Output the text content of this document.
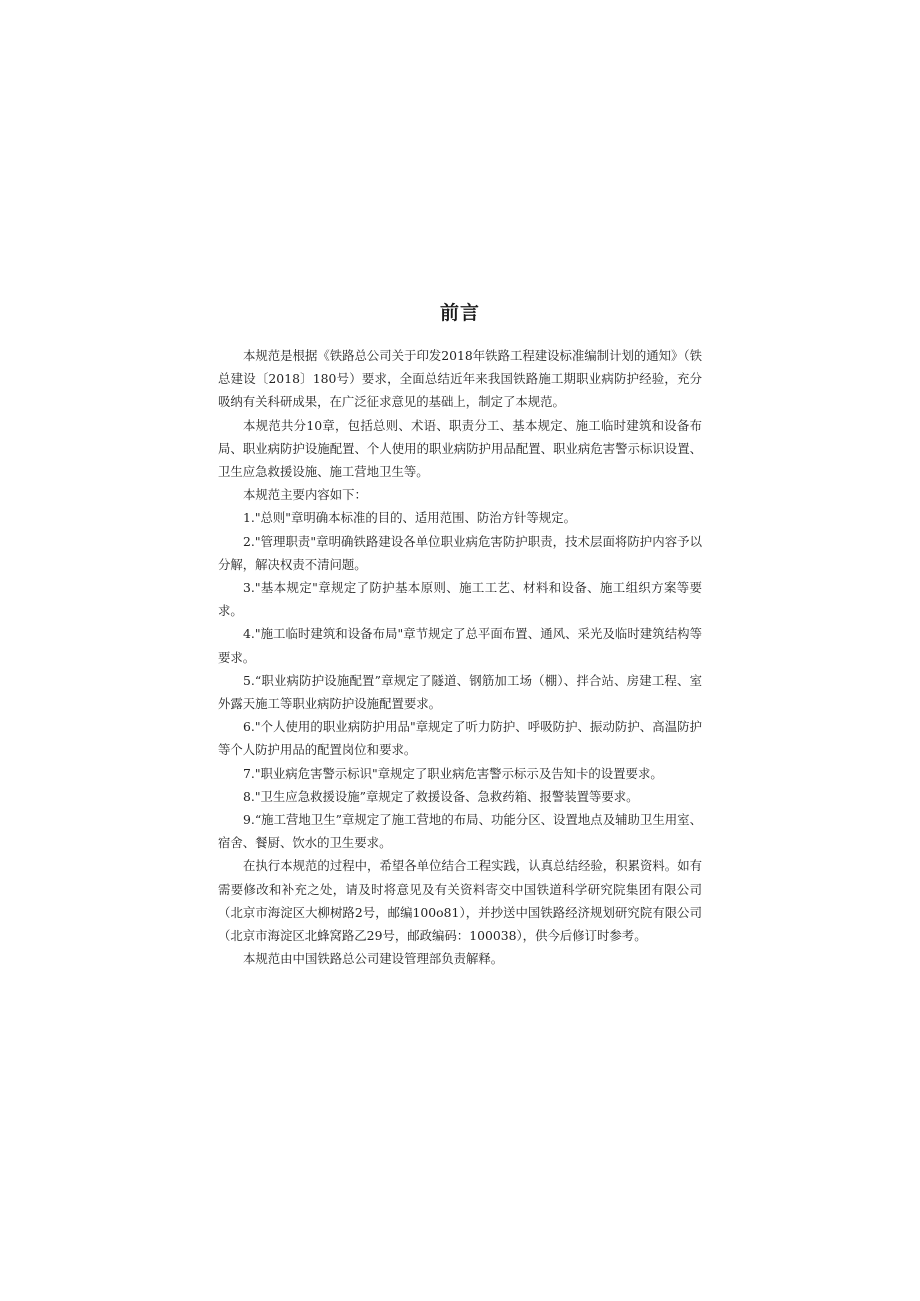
前言

本规范是根据《铁路总公司关于印发2018年铁路工程建设标准编制计划的通知》（铁总建设〔2018〕180号）要求，全面总结近年来我国铁路施工期职业病防护经验，充分吸纳有关科研成果，在广泛征求意见的基础上，制定了本规范。

本规范共分10章，包括总则、术语、职责分工、基本规定、施工临时建筑和设备布局、职业病防护设施配置、个人使用的职业病防护用品配置、职业病危害警示标识设置、卫生应急救援设施、施工营地卫生等。

本规范主要内容如下：

1."总则"章明确本标准的目的、适用范围、防治方针等规定。

2."管理职责"章明确铁路建设各单位职业病危害防护职责，技术层面将防护内容予以分解，解决权责不清问题。

3."基本规定"章规定了防护基本原则、施工工艺、材料和设备、施工组织方案等要求。

4."施工临时建筑和设备布局"章节规定了总平面布置、通风、采光及临时建筑结构等要求。

5.“职业病防护设施配置”章规定了隧道、钢筋加工场（棚）、拌合站、房建工程、室外露天施工等职业病防护设施配置要求。

6."个人使用的职业病防护用品"章规定了听力防护、呼吸防护、振动防护、高温防护等个人防护用品的配置岗位和要求。

7."职业病危害警示标识"章规定了职业病危害警示标示及告知卡的设置要求。

8."卫生应急救援设施”章规定了救援设备、急救药箱、报警装置等要求。

9.“施工营地卫生”章规定了施工营地的布局、功能分区、设置地点及辅助卫生用室、宿舍、餐厨、饮水的卫生要求。

在执行本规范的过程中，希望各单位结合工程实践，认真总结经验，积累资料。如有需要修改和补充之处，请及时将意见及有关资料寄交中国铁道科学研究院集团有限公司（北京市海淀区大柳树路2号，邮编100o81），并抄送中国铁路经济规划研究院有限公司（北京市海淀区北蜂窝路乙29号，邮政编码：100038），供今后修订时参考。

本规范由中国铁路总公司建设管理部负责解释。
